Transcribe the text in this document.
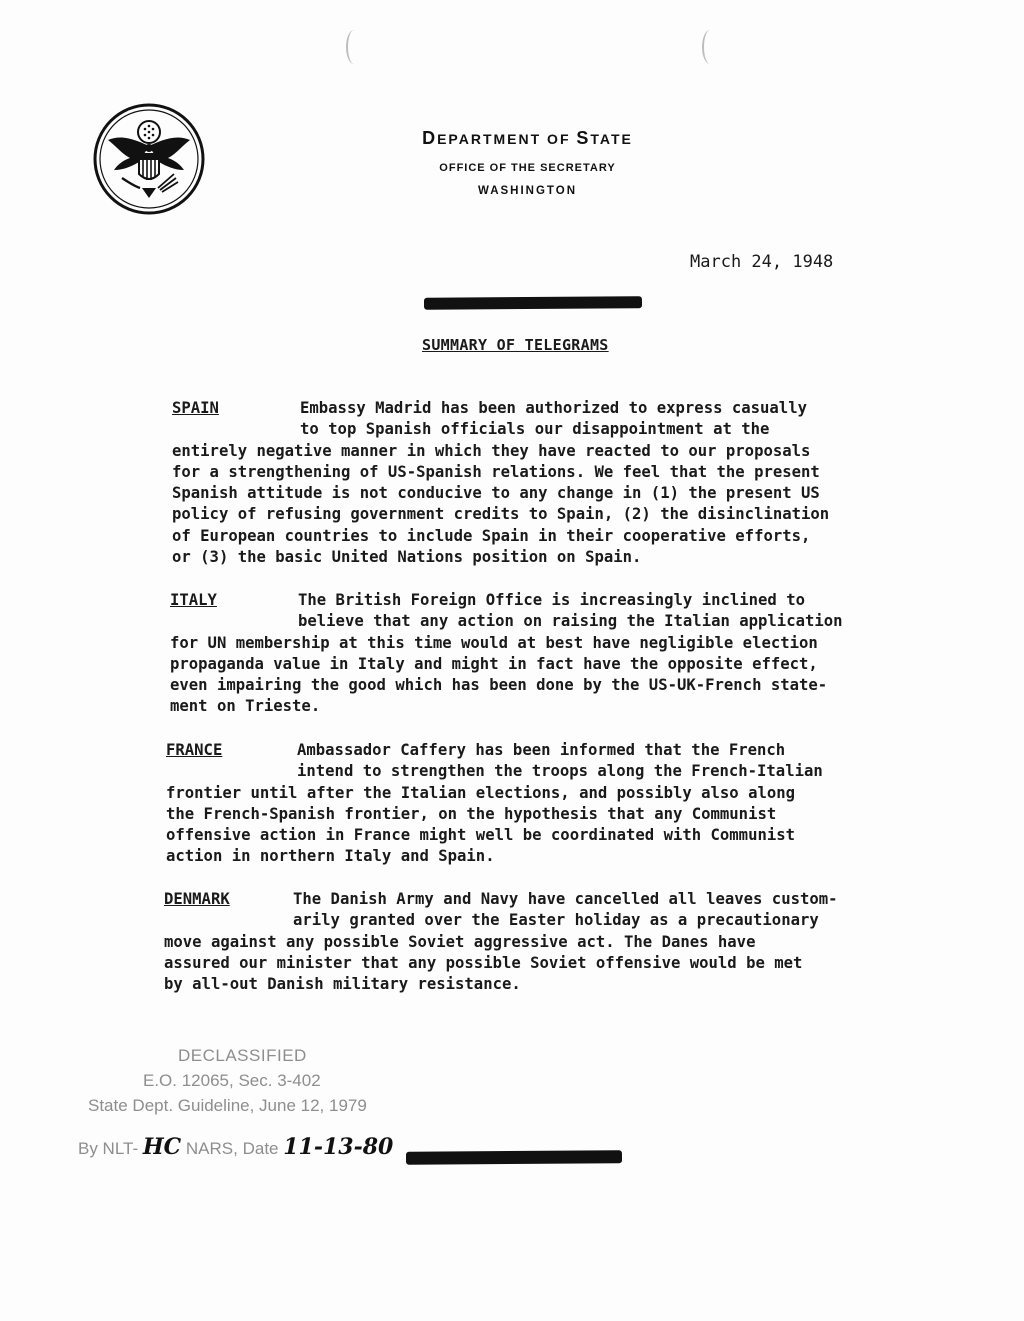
DEPARTMENT OF STATE
OFFICE OF THE SECRETARY
WASHINGTON
March 24, 1948
SUMMARY OF TELEGRAMS
SPAIN	Embassy Madrid has been authorized to express casually
to top Spanish officials our disappointment at the
entirely negative manner in which they have reacted to our proposals
for a strengthening of US-Spanish relations. We feel that the present
Spanish attitude is not conducive to any change in (1) the present US
policy of refusing government credits to Spain, (2) the disinclination
of European countries to include Spain in their cooperative efforts,
or (3) the basic United Nations position on Spain.
ITALY	The British Foreign Office is increasingly inclined to
believe that any action on raising the Italian application
for UN membership at this time would at best have negligible election
propaganda value in Italy and might in fact have the opposite effect,
even impairing the good which has been done by the US-UK-French state-
ment on Trieste.
FRANCE	Ambassador Caffery has been informed that the French
intend to strengthen the troops along the French-Italian
frontier until after the Italian elections, and possibly also along
the French-Spanish frontier, on the hypothesis that any Communist
offensive action in France might well be coordinated with Communist
action in northern Italy and Spain.
DENMARK	The Danish Army and Navy have cancelled all leaves custom-
arily granted over the Easter holiday as a precautionary
move against any possible Soviet aggressive act. The Danes have
assured our minister that any possible Soviet offensive would be met
by all-out Danish military resistance.
DECLASSIFIED
E.O. 12065, Sec. 3-402
State Dept. Guideline, June 12, 1979
By NLT- HC NARS, Date 11-13-80
